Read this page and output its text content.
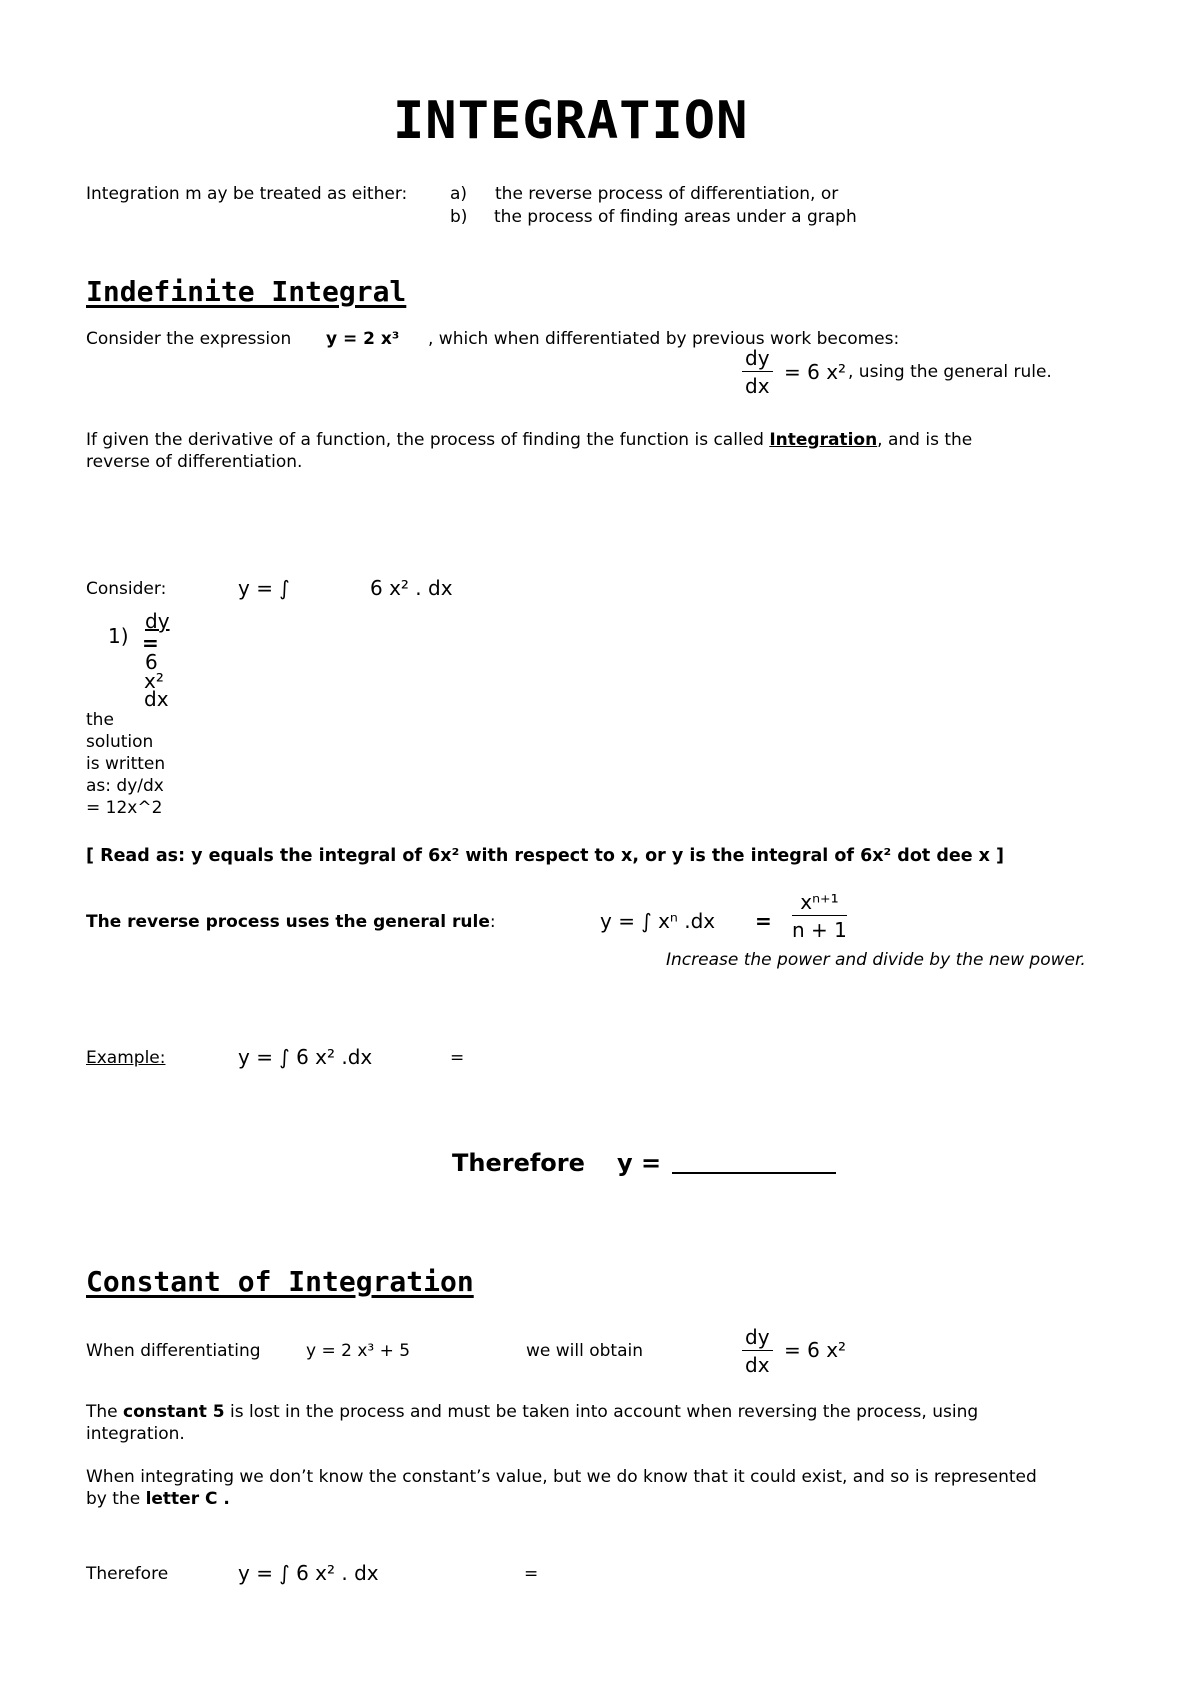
INTEGRATION
Integration m ay be treated as either:	a) the reverse process of differentiation, or
b) the process of finding areas under a graph
Indefinite Integral
Consider the expression y = 2 x³ , which when differentiated by previous work becomes:
$\frac{dy}{dx} = 6$ x² , using the general rule.
If given the derivative of a function, the process of finding the function is called Integration, and is the
reverse of differentiation.
Consider:	y = ∫	6 x² . dx
1)
dy
=
6
x²
dx
the
solution
is written
as: dy/dx
= 12x^2
[ Read as: y equals the integral of 6x² with respect to x, or y is the integral of 6x² dot dee x ]
The reverse process uses the general rule:	y = ∫ xⁿ $.dx = \frac{\text{xⁿ⁺¹}}{n + 1}$
Increase the power and divide by the new power.
Example:	y = ∫ 6 x² .dx	=
Therefore y =
Constant of Integration
When differentiating	y = 2 x³ + 5	we will obtain	$\frac{dy}{dx} = 6$ x²
The constant 5 is lost in the process and must be taken into account when reversing the process, using
integration.
When integrating we don’t know the constant’s value, but we do know that it could exist, and so is represented
by the letter C .
Therefore	y = ∫ 6 x² . dx	=
